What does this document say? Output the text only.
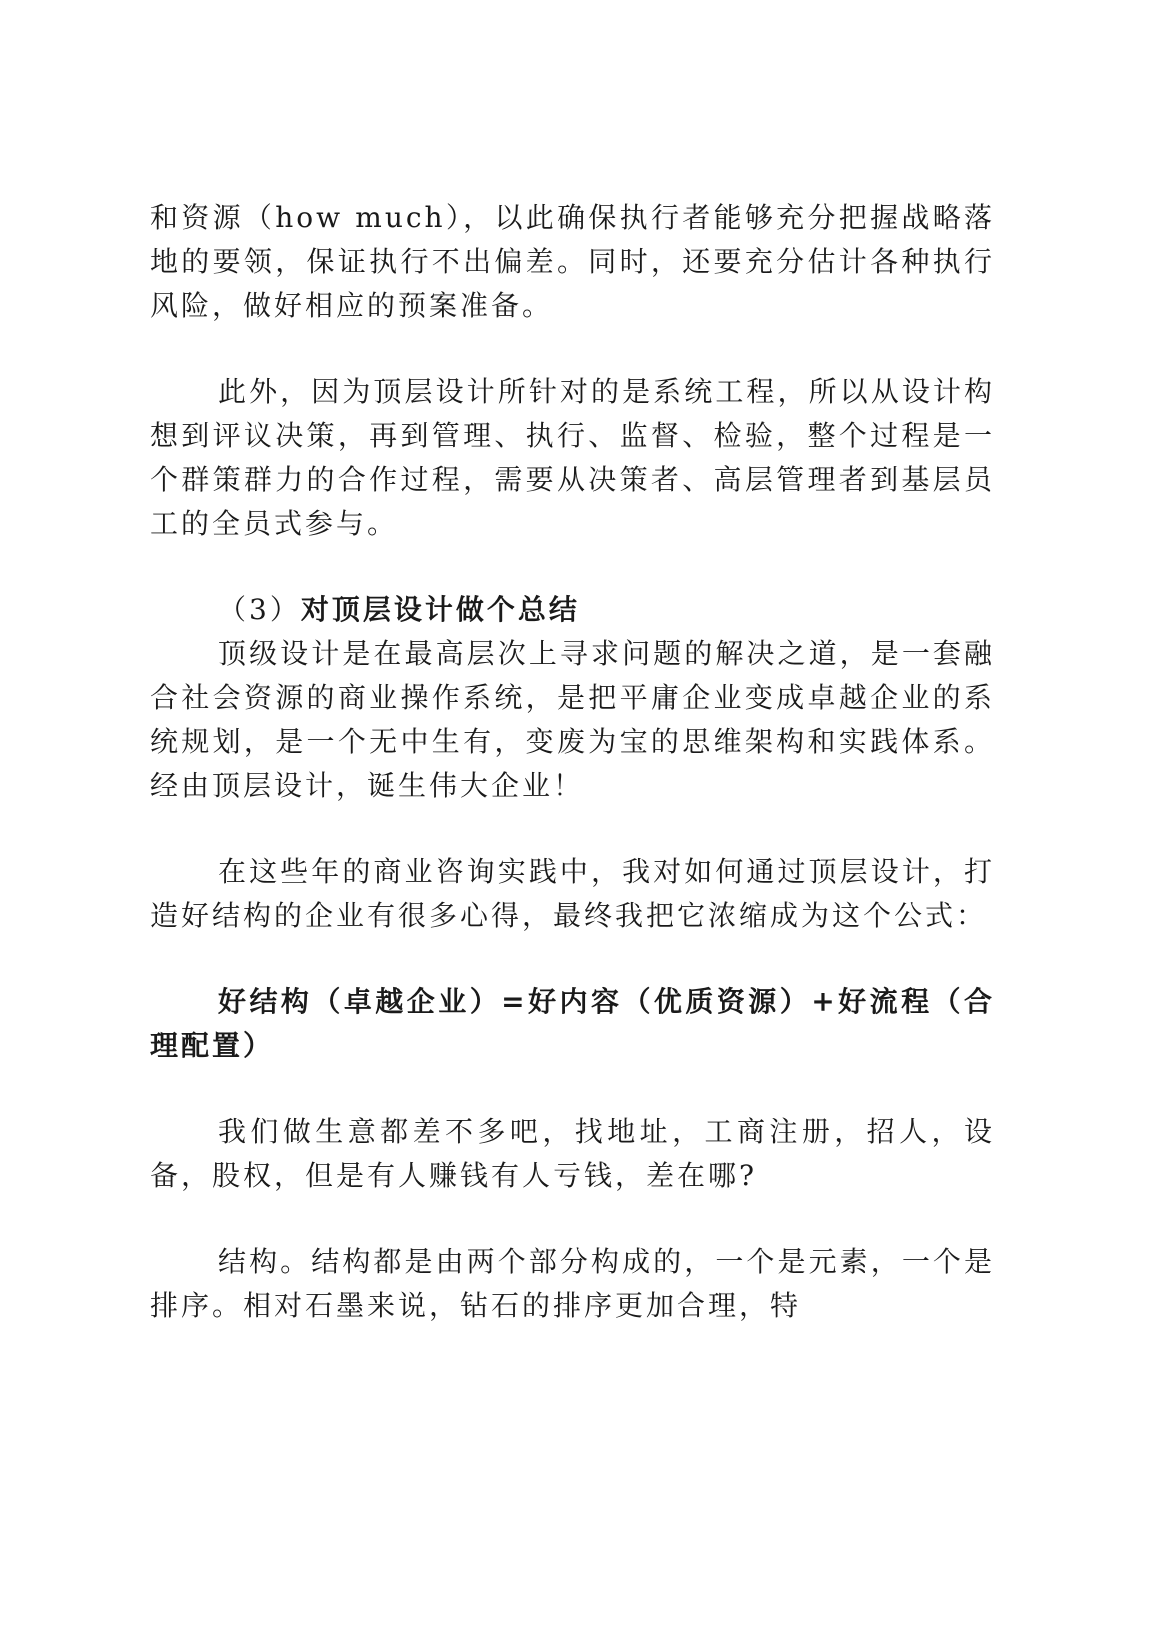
和资源（how much），以此确保执行者能够充分把握战略落地的要领，保证执行不出偏差。同时，还要充分估计各种执行风险，做好相应的预案准备。

此外，因为顶层设计所针对的是系统工程，所以从设计构想到评议决策，再到管理、执行、监督、检验，整个过程是一个群策群力的合作过程，需要从决策者、高层管理者到基层员工的全员式参与。

（3）对顶层设计做个总结

顶级设计是在最高层次上寻求问题的解决之道，是一套融合社会资源的商业操作系统，是把平庸企业变成卓越企业的系统规划，是一个无中生有，变废为宝的思维架构和实践体系。经由顶层设计，诞生伟大企业！

在这些年的商业咨询实践中，我对如何通过顶层设计，打造好结构的企业有很多心得，最终我把它浓缩成为这个公式：

好结构（卓越企业）=好内容（优质资源）+好流程（合理配置）

我们做生意都差不多吧，找地址，工商注册，招人，设备，股权，但是有人赚钱有人亏钱，差在哪?

结构。结构都是由两个部分构成的，一个是元素，一个是排序。相对石墨来说，钻石的排序更加合理，特
